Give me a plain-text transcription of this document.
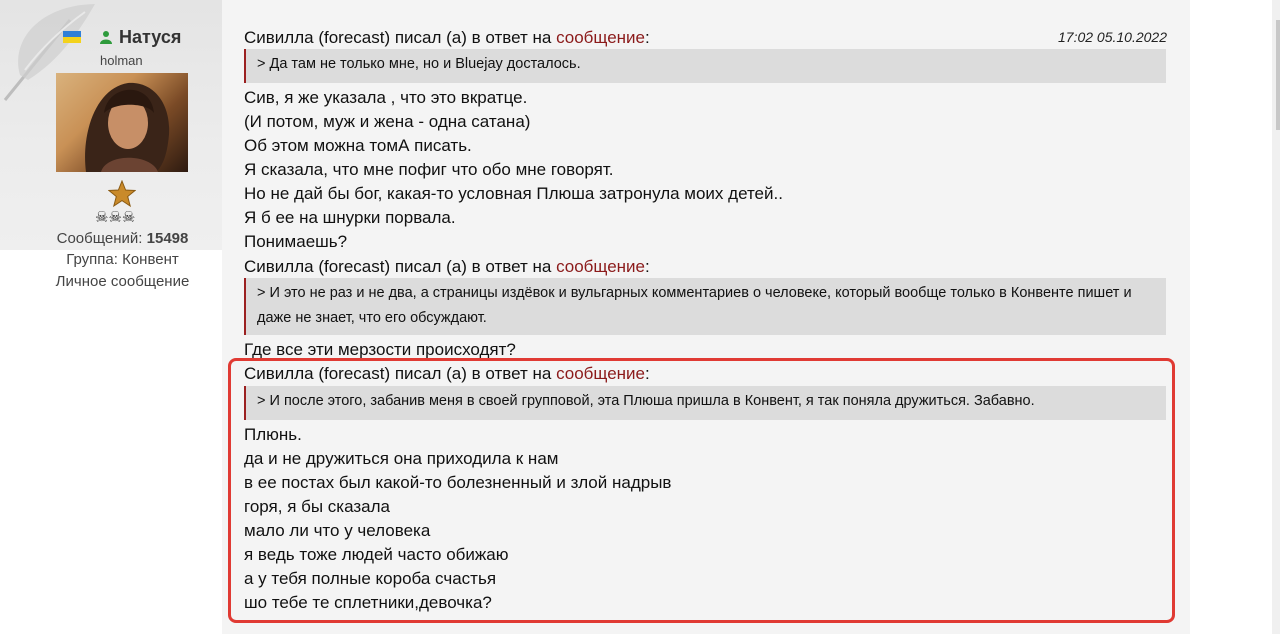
Натуся
holman
☠☠☠
Сообщений: 15498
Группа: Конвент
Личное сообщение
17:02 05.10.2022
Сивилла (forecast) писал (а) в ответ на сообщение:
> Да там не только мне, но и Bluejay досталось.
Сив, я же указала , что это вкратце.
(И потом, муж и жена - одна сатана)
Об этом можна томА писать.
Я сказала, что мне пофиг что обо мне говорят.
Но не дай бы бог, какая-то условная Плюша затронула моих детей..
Я б ее на шнурки порвала.
Понимаешь?
Сивилла (forecast) писал (а) в ответ на сообщение:
> И это не раз и не два, а страницы издёвок и вульгарных комментариев о человеке, который вообще только в Конвенте пишет и даже не знает, что его обсуждают.
Где все эти мерзости происходят?
Сивилла (forecast) писал (а) в ответ на сообщение:
> И после этого, забанив меня в своей групповой, эта Плюша пришла в Конвент, я так поняла дружиться. Забавно.
Плюнь.
да и не дружиться она приходила к нам
в ее постах был какой-то болезненный и злой надрыв
горя, я бы сказала
мало ли что у человека
я ведь тоже людей часто обижаю
а у тебя полные короба счастья
шо тебе те сплетники,девочка?
